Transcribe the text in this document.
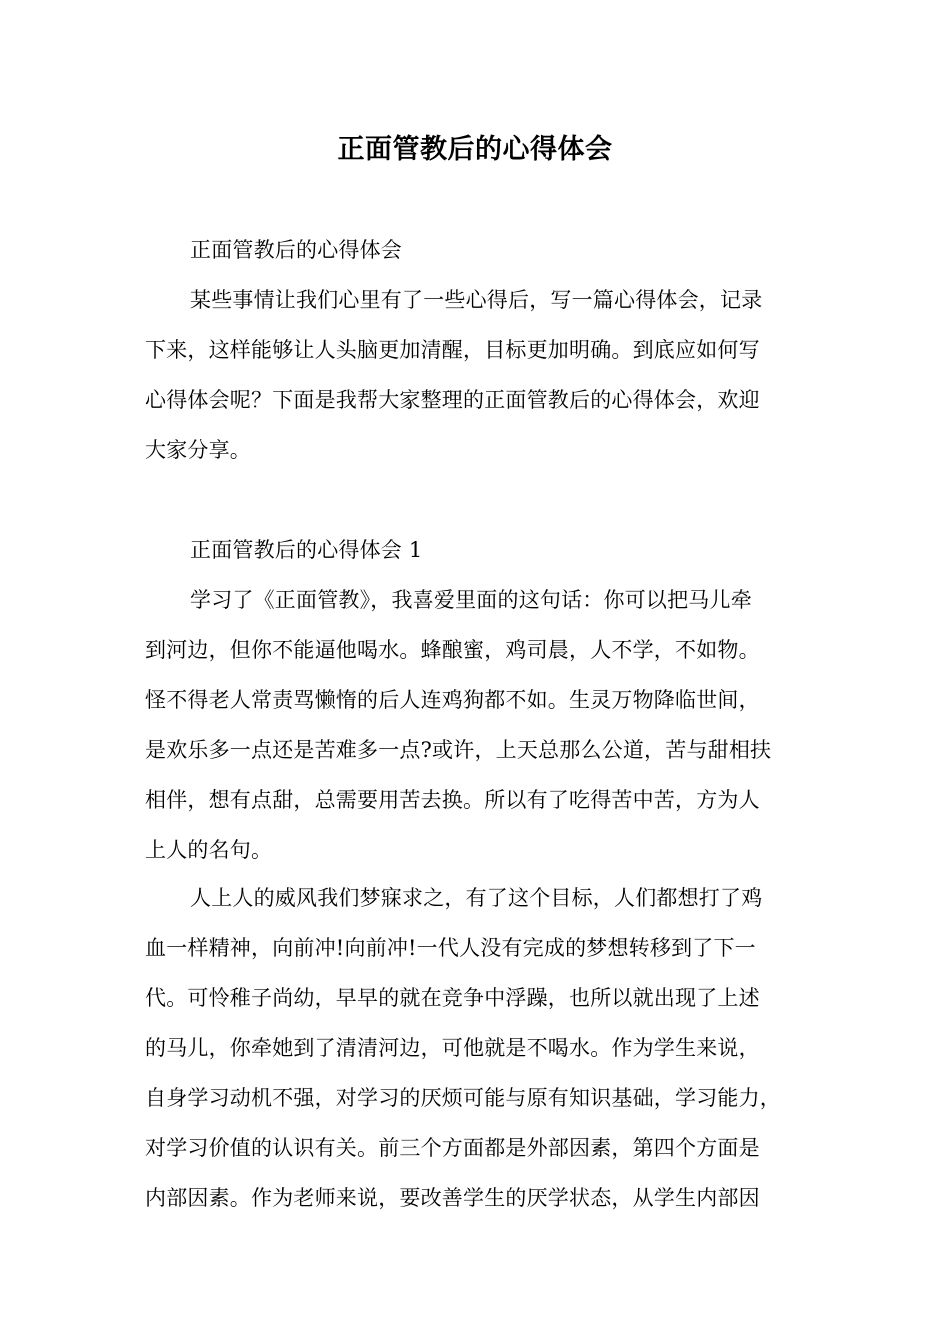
正面管教后的心得体会

正面管教后的心得体会

某些事情让我们心里有了一些心得后，写一篇心得体会，记录

下来，这样能够让人头脑更加清醒，目标更加明确。到底应如何写

心得体会呢？下面是我帮大家整理的正面管教后的心得体会，欢迎

大家分享。

正面管教后的心得体会 1

学习了《正面管教》，我喜爱里面的这句话：你可以把马儿牵

到河边，但你不能逼他喝水。蜂酿蜜，鸡司晨，人不学，不如物。

怪不得老人常责骂懒惰的后人连鸡狗都不如。生灵万物降临世间，

是欢乐多一点还是苦难多一点?或许，上天总那么公道，苦与甜相扶

相伴，想有点甜，总需要用苦去换。所以有了吃得苦中苦，方为人

上人的名句。

人上人的威风我们梦寐求之，有了这个目标，人们都想打了鸡

血一样精神，向前冲!向前冲!一代人没有完成的梦想转移到了下一

代。可怜稚子尚幼，早早的就在竞争中浮躁，也所以就出现了上述

的马儿，你牵她到了清清河边，可他就是不喝水。作为学生来说，

自身学习动机不强，对学习的厌烦可能与原有知识基础，学习能力，

对学习价值的认识有关。前三个方面都是外部因素，第四个方面是

内部因素。作为老师来说，要改善学生的厌学状态，从学生内部因
